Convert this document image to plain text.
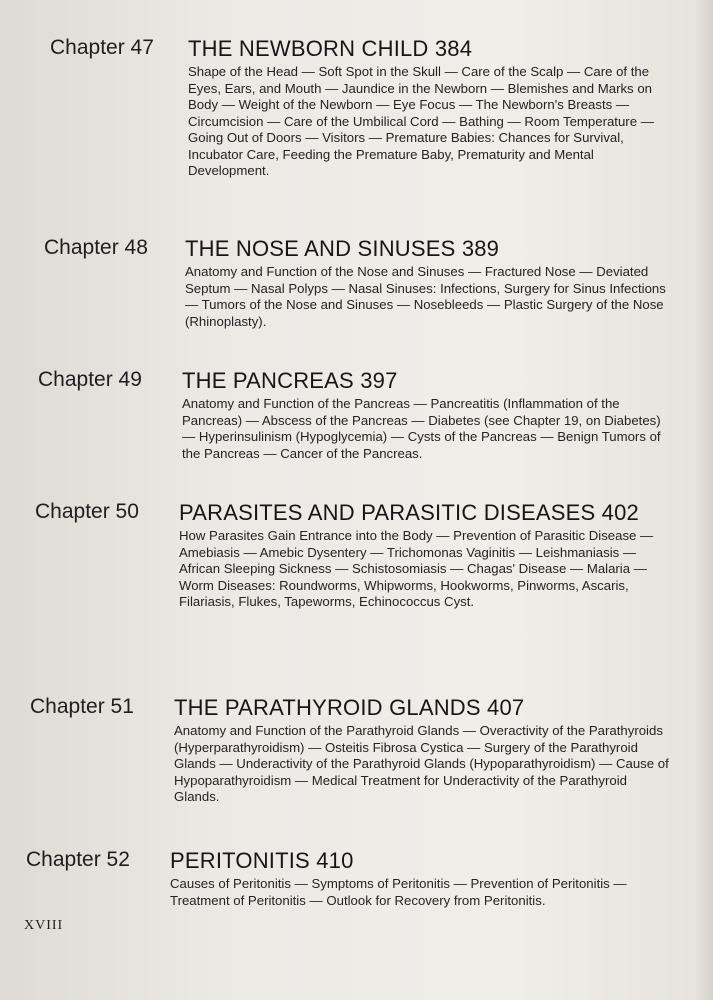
Chapter 47	THE NEWBORN CHILD 384
Shape of the Head — Soft Spot in the Skull — Care of the Scalp — Care of the Eyes, Ears, and Mouth — Jaundice in the Newborn — Blemishes and Marks on Body — Weight of the Newborn — Eye Focus — The Newborn's Breasts — Circumcision — Care of the Umbilical Cord — Bathing — Room Temperature — Going Out of Doors — Visitors — Premature Babies: Chances for Survival, Incubator Care, Feeding the Premature Baby, Prematurity and Mental Development.
Chapter 48	THE NOSE AND SINUSES 389
Anatomy and Function of the Nose and Sinuses — Fractured Nose — Deviated Septum — Nasal Polyps — Nasal Sinuses: Infections, Surgery for Sinus Infections — Tumors of the Nose and Sinuses — Nosebleeds — Plastic Surgery of the Nose (Rhinoplasty).
Chapter 49	THE PANCREAS 397
Anatomy and Function of the Pancreas — Pancreatitis (Inflammation of the Pancreas) — Abscess of the Pancreas — Diabetes (see Chapter 19, on Diabetes) — Hyperinsulinism (Hypoglycemia) — Cysts of the Pancreas — Benign Tumors of the Pancreas — Cancer of the Pancreas.
Chapter 50	PARASITES AND PARASITIC DISEASES 402
How Parasites Gain Entrance into the Body — Prevention of Parasitic Disease — Amebiasis — Amebic Dysentery — Trichomonas Vaginitis — Leishmaniasis — African Sleeping Sickness — Schistosomiasis — Chagas' Disease — Malaria — Worm Diseases: Roundworms, Whipworms, Hookworms, Pinworms, Ascaris, Filariasis, Flukes, Tapeworms, Echinococcus Cyst.
Chapter 51	THE PARATHYROID GLANDS 407
Anatomy and Function of the Parathyroid Glands — Overactivity of the Parathyroids (Hyperparathyroidism) — Osteitis Fibrosa Cystica — Surgery of the Parathyroid Glands — Underactivity of the Parathyroid Glands (Hypoparathyroidism) — Cause of Hypoparathyroidism — Medical Treatment for Underactivity of the Parathyroid Glands.
Chapter 52	PERITONITIS 410
Causes of Peritonitis — Symptoms of Peritonitis — Prevention of Peritonitis — Treatment of Peritonitis — Outlook for Recovery from Peritonitis.
XVIII
